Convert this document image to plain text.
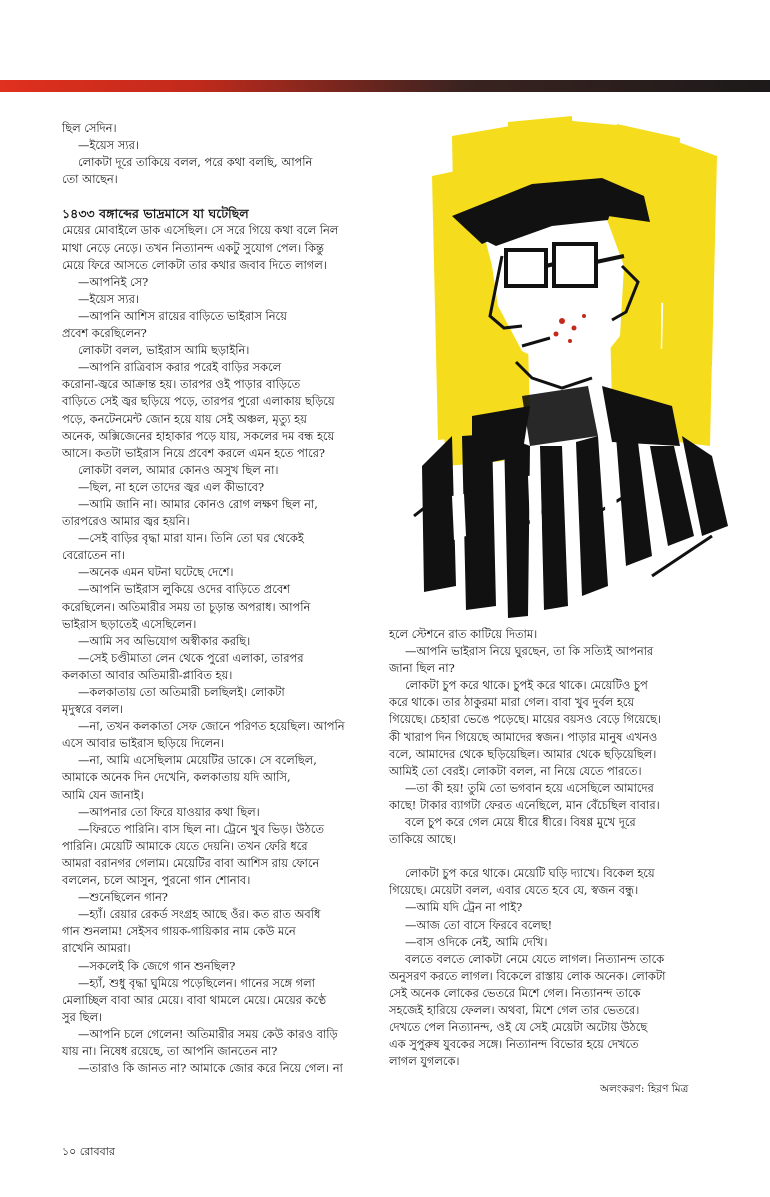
ছিল সেদিন।

—ইয়েস স্যর।

লোকটা দূরে তাকিয়ে বলল, পরে কথা বলছি, আপনি

তো আছেন।

১৪৩৩ বঙ্গাব্দের ভাদ্রমাসে যা ঘটেছিল

মেয়ের মোবাইলে ডাক এসেছিল। সে সরে গিয়ে কথা বলে নিল

মাথা নেড়ে নেড়ে। তখন নিত্যানন্দ একটু সুযোগ পেল। কিন্তু

মেয়ে ফিরে আসতে লোকটা তার কথার জবাব দিতে লাগল।

—আপনিই সে?

—ইয়েস স্যর।

—আপনি আশিস রায়ের বাড়িতে ভাইরাস নিয়ে

প্রবেশ করেছিলেন?

লোকটা বলল, ভাইরাস আমি ছড়াইনি।

—আপনি রাত্রিবাস করার পরেই বাড়ির সকলে

করোনা-জ্বরে আক্রান্ত হয়। তারপর ওই পাড়ার বাড়িতে

বাড়িতে সেই জ্বর ছড়িয়ে পড়ে, তারপর পুরো এলাকায় ছড়িয়ে

পড়ে, কনটেনমেন্ট জোন হয়ে যায় সেই অঞ্চল, মৃত্যু হয়

অনেক, অক্সিজেনের হাহাকার পড়ে যায়, সকলের দম বন্ধ হয়ে

আসে। কতটা ভাইরাস নিয়ে প্রবেশ করলে এমন হতে পারে?

লোকটা বলল, আমার কোনও অসুখ ছিল না।

—ছিল, না হলে তাদের জ্বর এল কীভাবে?

—আমি জানি না। আমার কোনও রোগ লক্ষণ ছিল না,

তারপরেও আমার জ্বর হয়নি।

—সেই বাড়ির বৃদ্ধা মারা যান। তিনি তো ঘর থেকেই

বেরোতেন না।

—অনেক এমন ঘটনা ঘটেছে দেশে।

—আপনি ভাইরাস লুকিয়ে ওদের বাড়িতে প্রবেশ

করেছিলেন। অতিমারীর সময় তা চূড়ান্ত অপরাধ। আপনি

ভাইরাস ছড়াতেই এসেছিলেন।

—আমি সব অভিযোগ অস্বীকার করছি।

—সেই চণ্ডীমাতা লেন থেকে পুরো এলাকা, তারপর

কলকাতা আবার অতিমারী-প্লাবিত হয়।

—কলকাতায় তো অতিমারী চলছিলই। লোকটা

মৃদুস্বরে বলল।

—না, তখন কলকাতা সেফ জোনে পরিণত হয়েছিল। আপনি

এসে আবার ভাইরাস ছড়িয়ে দিলেন।

—না, আমি এসেছিলাম মেয়েটির ডাকে। সে বলেছিল,

আমাকে অনেক দিন দেখেনি, কলকাতায় যদি আসি,

আমি যেন জানাই।

—আপনার তো ফিরে যাওয়ার কথা ছিল।

—ফিরতে পারিনি। বাস ছিল না। ট্রেনে খুব ভিড়। উঠতে

পারিনি। মেয়েটি আমাকে যেতে দেয়নি। তখন ফেরি ধরে

আমরা বরানগর গেলাম। মেয়েটির বাবা আশিস রায় ফোনে

বললেন, চলে আসুন, পুরনো গান শোনাব।

—শুনেছিলেন গান?

—হ্যাঁ। রেয়ার রেকর্ড সংগ্রহ আছে ওঁর। কত রাত অবধি

গান শুনলাম! সেইসব গায়ক-গায়িকার নাম কেউ মনে

রাখেনি আমরা।

—সকলেই কি জেগে গান শুনছিল?

—হ্যাঁ, শুধু বৃদ্ধা ঘুমিয়ে পড়েছিলেন। গানের সঙ্গে গলা

মেলাচ্ছিল বাবা আর মেয়ে। বাবা থামলে মেয়ে। মেয়ের কণ্ঠে

সুর ছিল।

—আপনি চলে গেলেন! অতিমারীর সময় কেউ কারও বাড়ি

যায় না। নিষেধ রয়েছে, তা আপনি জানতেন না?

—তারাও কি জানত না? আমাকে জোর করে নিয়ে গেল। না

হলে স্টেশনে রাত কাটিয়ে দিতাম।

—আপনি ভাইরাস নিয়ে ঘুরছেন, তা কি সত্যিই আপনার

জানা ছিল না?

লোকটা চুপ করে থাকে। চুপই করে থাকে। মেয়েটিও চুপ

করে থাকে। তার ঠাকুরমা মারা গেল। বাবা খুব দুর্বল হয়ে

গিয়েছে। চেহারা ভেঙে পড়েছে। মায়ের বয়সও বেড়ে গিয়েছে।

কী খারাপ দিন গিয়েছে আমাদের স্বজন। পাড়ার মানুষ এখনও

বলে, আমাদের থেকে ছড়িয়েছিল। আমার থেকে ছড়িয়েছিল।

আমিই তো বেরই। লোকটা বলল, না নিয়ে যেতে পারতে।

—তা কী হয়! তুমি তো ভগবান হয়ে এসেছিলে আমাদের

কাছে! টাকার ব্যাগটা ফেরত এনেছিলে, মান বেঁচেছিল বাবার।

বলে চুপ করে গেল মেয়ে ধীরে ধীরে। বিষণ্ণ মুখে দূরে

তাকিয়ে আছে।

লোকটা চুপ করে থাকে। মেয়েটি ঘড়ি দ্যাখে। বিকেল হয়ে

গিয়েছে। মেয়েটা বলল, এবার যেতে হবে যে, স্বজন বন্ধু।

—আমি যদি ট্রেন না পাই?

—আজ তো বাসে ফিরবে বলেছ!

—বাস ওদিকে নেই, আমি দেখি।

বলতে বলতে লোকটা নেমে যেতে লাগল। নিত্যানন্দ তাকে

অনুসরণ করতে লাগল। বিকেলে রাস্তায় লোক অনেক। লোকটা

সেই অনেক লোকের ভেতরে মিশে গেল। নিত্যানন্দ তাকে

সহজেই হারিয়ে ফেলল। অথবা, মিশে গেল তার ভেতরে।

দেখতে পেল নিত্যানন্দ, ওই যে সেই মেয়েটা অটোয় উঠছে

এক সুপুরুষ যুবকের সঙ্গে। নিত্যানন্দ বিভোর হয়ে দেখতে

লাগল যুগলকে।

অলংকরণ: হিরণ মিত্র
১০ রোববার
